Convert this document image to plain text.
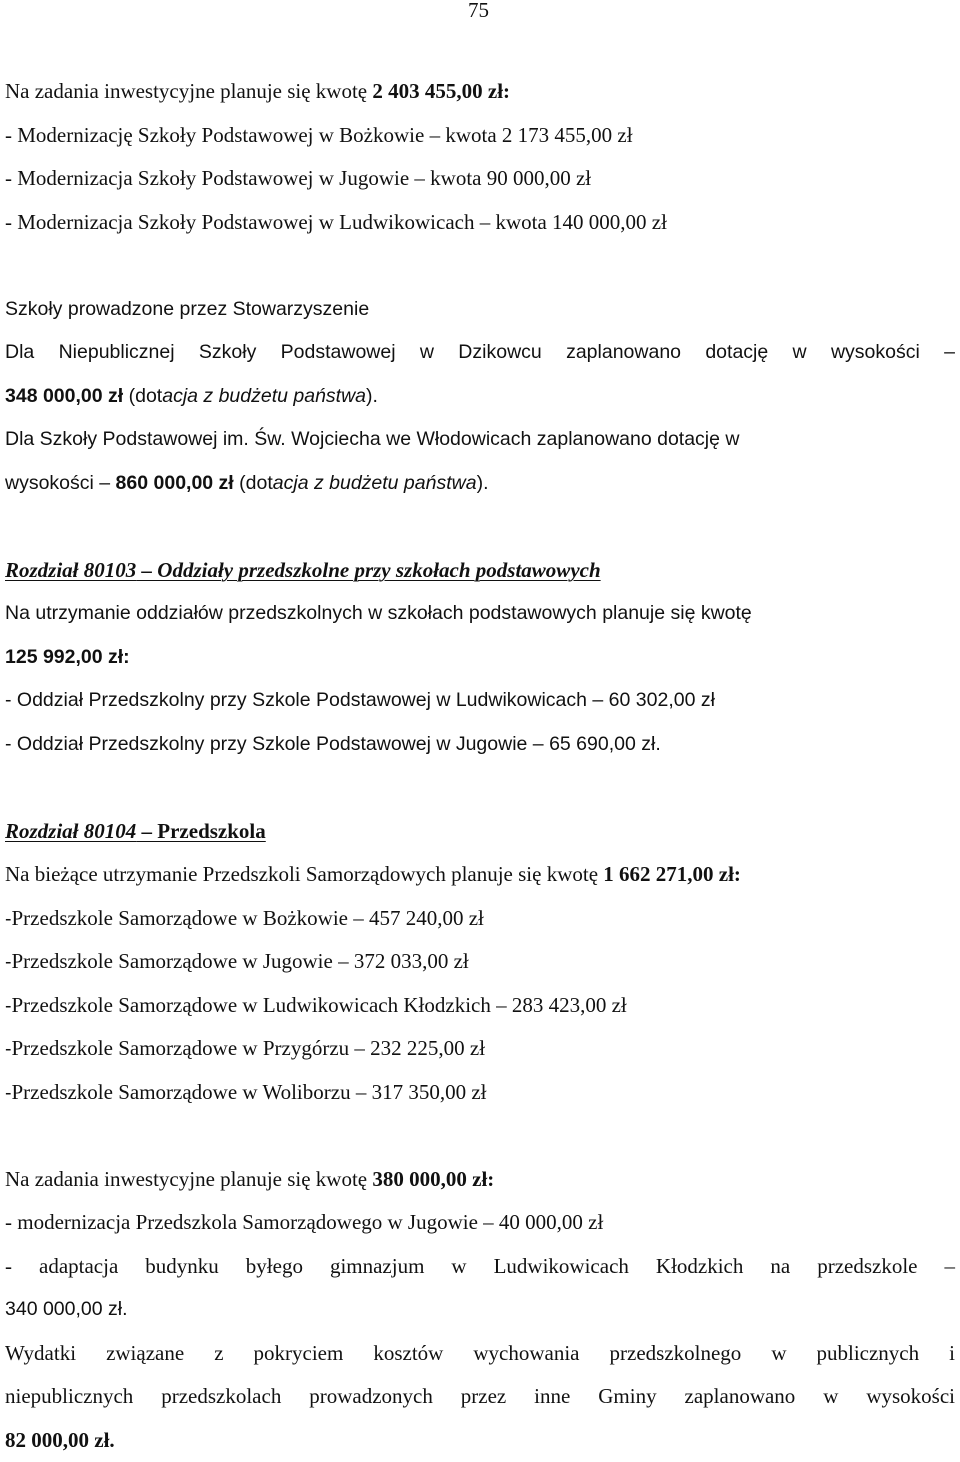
75
Na zadania inwestycyjne planuje się kwotę 2 403 455,00 zł:
- Modernizację Szkoły Podstawowej w Bożkowie – kwota 2 173 455,00 zł
- Modernizacja Szkoły Podstawowej w Jugowie – kwota 90 000,00 zł
- Modernizacja Szkoły Podstawowej w Ludwikowicach – kwota 140 000,00 zł
Szkoły prowadzone przez Stowarzyszenie
Dla Niepublicznej Szkoły Podstawowej w Dzikowcu zaplanowano dotację w wysokości –
348 000,00 zł (dotacja z budżetu państwa).
Dla Szkoły Podstawowej im. Św. Wojciecha we Włodowicach zaplanowano dotację w
wysokości – 860 000,00 zł (dotacja z budżetu państwa).
Rozdział 80103 – Oddziały przedszkolne przy szkołach podstawowych
Na utrzymanie oddziałów przedszkolnych w szkołach podstawowych planuje się kwotę
125 992,00 zł:
- Oddział Przedszkolny przy Szkole Podstawowej w Ludwikowicach – 60 302,00 zł
- Oddział Przedszkolny przy Szkole Podstawowej w Jugowie – 65 690,00 zł.
Rozdział 80104 – Przedszkola
Na bieżące utrzymanie Przedszkoli Samorządowych planuje się kwotę 1 662 271,00 zł:
-Przedszkole Samorządowe w Bożkowie – 457 240,00 zł
-Przedszkole Samorządowe w Jugowie – 372 033,00 zł
-Przedszkole Samorządowe w Ludwikowicach Kłodzkich – 283 423,00 zł
-Przedszkole Samorządowe w Przygórzu – 232 225,00 zł
-Przedszkole Samorządowe w Woliborzu – 317 350,00 zł
Na zadania inwestycyjne planuje się kwotę 380 000,00 zł:
- modernizacja Przedszkola Samorządowego w Jugowie – 40 000,00 zł
- adaptacja budynku byłego gimnazjum w Ludwikowicach Kłodzkich na przedszkole –
340 000,00 zł.
Wydatki związane z pokryciem kosztów wychowania przedszkolnego w publicznych i
niepublicznych przedszkolach prowadzonych przez inne Gminy zaplanowano w wysokości
82 000,00 zł.
